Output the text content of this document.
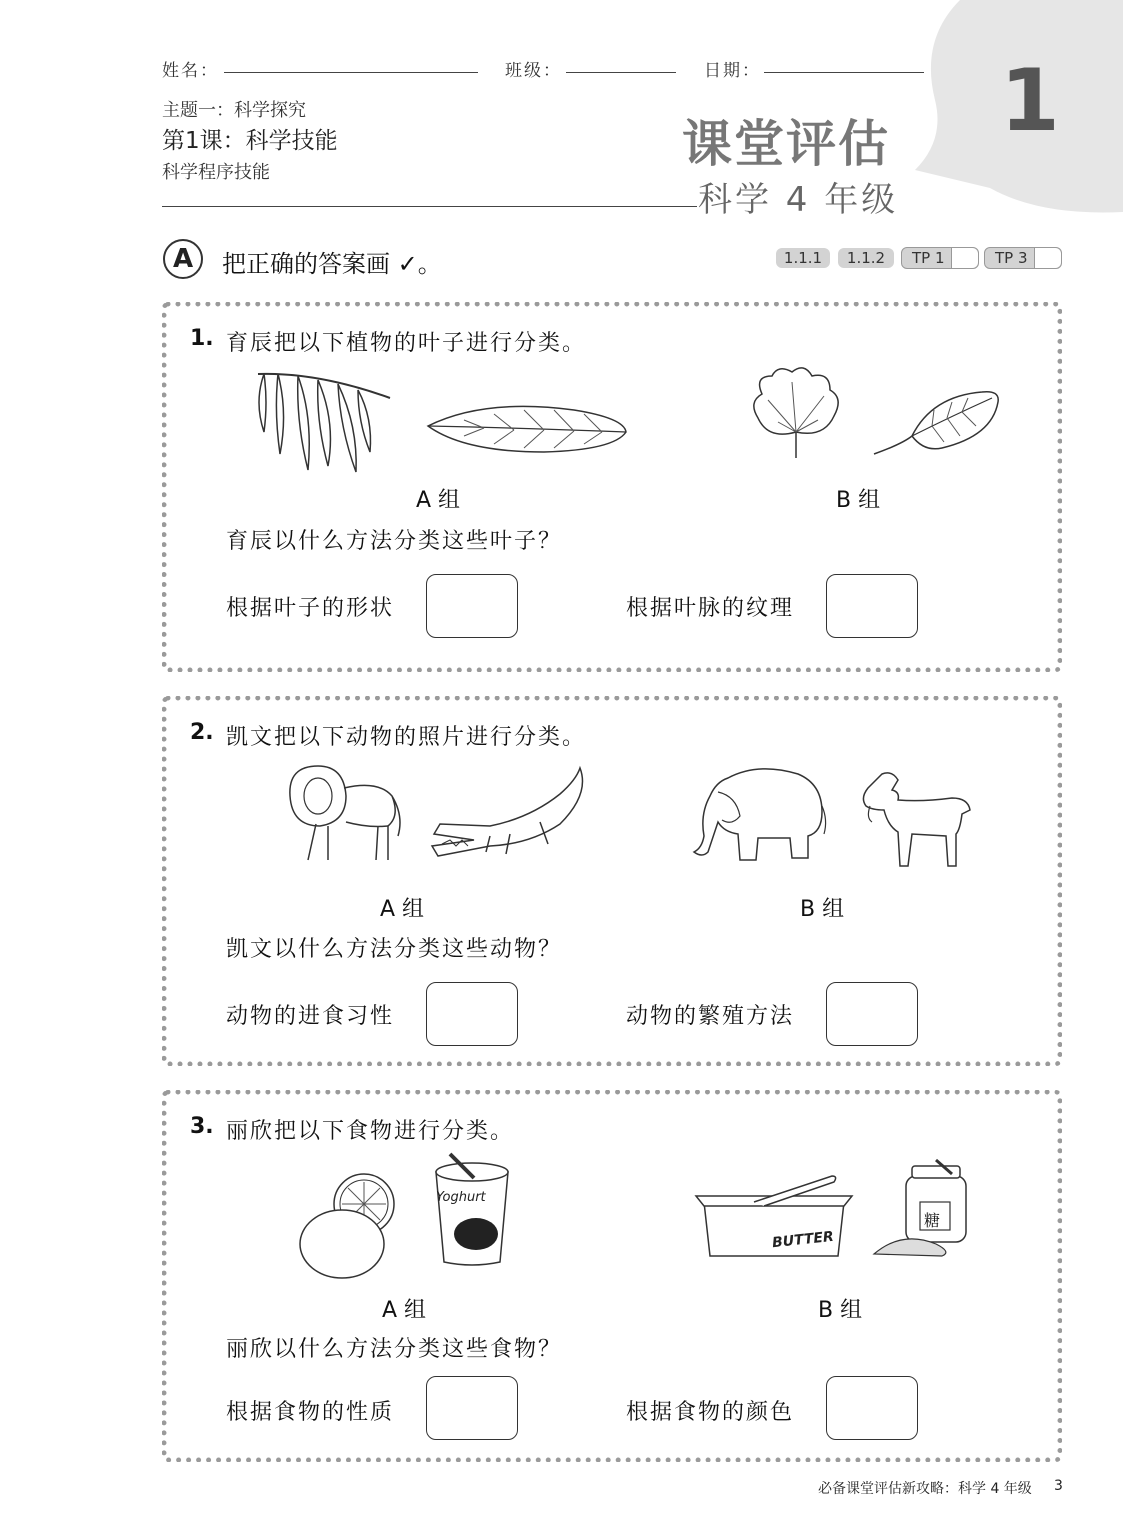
1
姓名：	班级：	日期：
主题一：科学探究
第1课：科学技能
科学程序技能	课堂评估
科学 4 年级
A	把正确的答案画 ✓。	1.1.1	1.1.2	TP 1	TP 3
1. 育辰把以下植物的叶子进行分类。
A 组	B 组
育辰以什么方法分类这些叶子？
根据叶子的形状	根据叶脉的纹理
2. 凯文把以下动物的照片进行分类。
A 组	B 组
凯文以什么方法分类这些动物？
动物的进食习性	动物的繁殖方法
3. 丽欣把以下食物进行分类。
Yoghurt
BUTTER
糖
A 组	B 组
丽欣以什么方法分类这些食物？
根据食物的性质	根据食物的颜色
必备课堂评估新攻略：科学 4 年级 3
